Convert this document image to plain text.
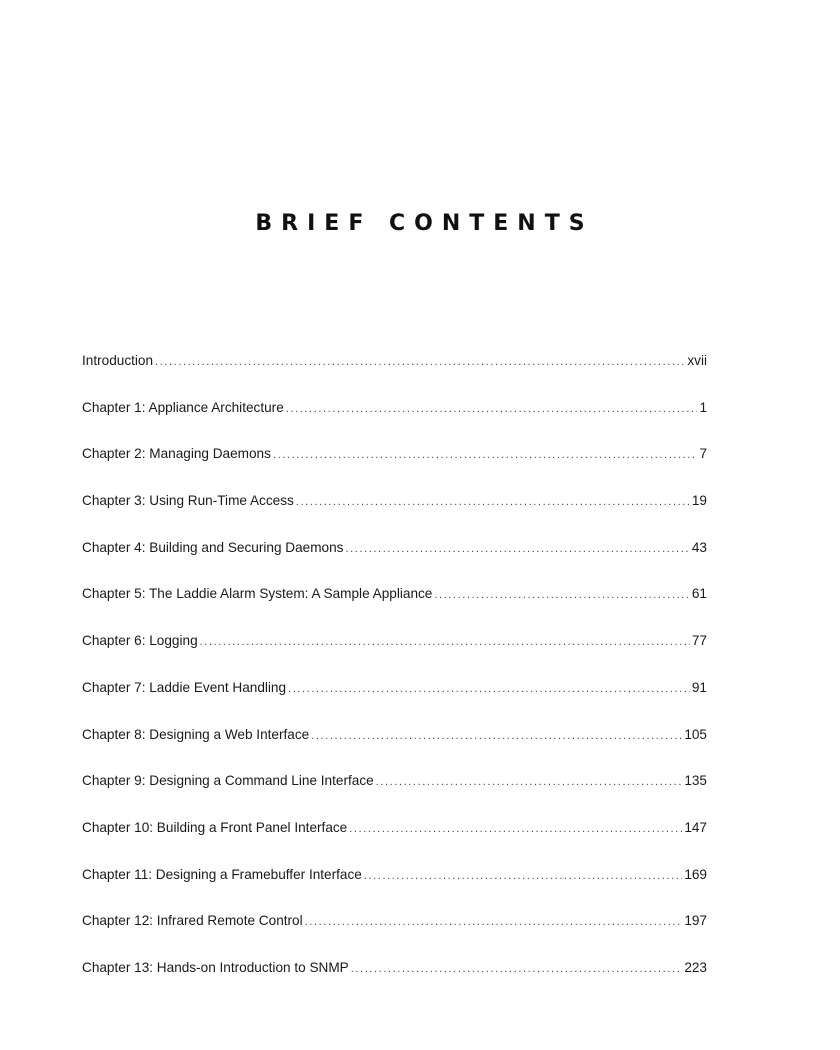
BRIEF CONTENTS
Introduction .....	xvii
Chapter 1: Appliance Architecture .....	1
Chapter 2: Managing Daemons .....	7
Chapter 3: Using Run-Time Access .....	19
Chapter 4: Building and Securing Daemons .....	43
Chapter 5: The Laddie Alarm System: A Sample Appliance .....	61
Chapter 6: Logging .....	77
Chapter 7: Laddie Event Handling .....	91
Chapter 8: Designing a Web Interface .....	105
Chapter 9: Designing a Command Line Interface .....	135
Chapter 10: Building a Front Panel Interface .....	147
Chapter 11: Designing a Framebuffer Interface .....	169
Chapter 12: Infrared Remote Control .....	197
Chapter 13: Hands-on Introduction to SNMP .....	223
